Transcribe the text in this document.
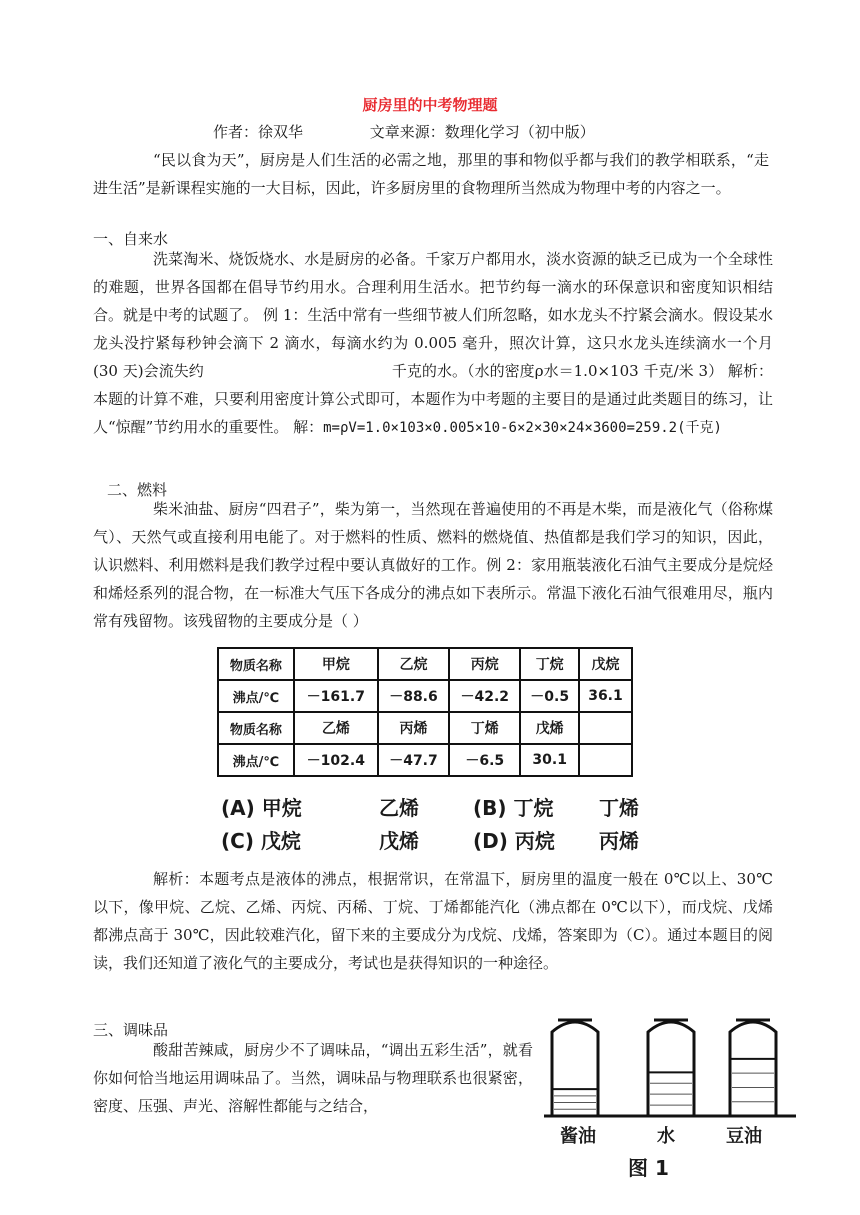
厨房里的中考物理题
作者：徐双华              文章来源：数理化学习（初中版）

“民以食为天”，厨房是人们生活的必需之地，那里的事和物似乎都与我们的教学相联系，“走进生活”是新课程实施的一大目标，因此，许多厨房里的食物理所当然成为物理中考的内容之一。

一、自来水

洗菜淘米、烧饭烧水、水是厨房的必备。千家万户都用水，淡水资源的缺乏已成为一个全球性的难题，世界各国都在倡导节约用水。合理利用生活水。把节约每一滴水的环保意识和密度知识相结合。就是中考的试题了。 例 1：生活中常有一些细节被人们所忽略，如水龙头不拧紧会滴水。假设某水龙头没拧紧每秒钟会滴下 2 滴水，每滴水约为 0.005 毫升，照次计算，这只水龙头连续滴水一个月(30 天)会流失约	千克的水。（水的密度ρ水＝1.0×103 千克/米 3） 解析：本题的计算不难，只要利用密度计算公式即可，本题作为中考题的主要目的是通过此类题目的练习，让人“惊醒”节约用水的重要性。 解：m=ρV=1.0×103×0.005×10-6×2×30×24×3600=259.2(千克)

二、燃料

柴米油盐、厨房“四君子”，柴为第一，当然现在普遍使用的不再是木柴，而是液化气（俗称煤气）、天然气或直接利用电能了。对于燃料的性质、燃料的燃烧值、热值都是我们学习的知识，因此，认识燃料、利用燃料是我们教学过程中要认真做好的工作。例 2：家用瓶装液化石油气主要成分是烷烃和烯烃系列的混合物，在一标准大气压下各成分的沸点如下表所示。常温下液化石油气很难用尽，瓶内常有残留物。该残留物的主要成分是（ ）

物质名称	甲烷	乙烷	丙烷	丁烷	戊烷
沸点/℃	－161.7	－88.6	－42.2	－0.5	36.1
物质名称	乙烯	丙烯	丁烯	戊烯	
沸点/℃	－102.4	－47.7	－6.5	30.1	
(A) 甲烷	乙烯	(B) 丁烷 丁烯
(C) 戊烷	戊烯	(D) 丙烷 丙烯

解析：本题考点是液体的沸点，根据常识，在常温下，厨房里的温度一般在 0℃以上、30℃以下，像甲烷、乙烷、乙烯、丙烷、丙稀、丁烷、丁烯都能汽化（沸点都在 0℃以下），而戊烷、戊烯都沸点高于 30℃，因此较难汽化，留下来的主要成分为戊烷、戊烯，答案即为（C）。通过本题目的阅读，我们还知道了液化气的主要成分，考试也是获得知识的一种途径。

三、调味品

酸甜苦辣咸，厨房少不了调味品，“调出五彩生活”，就看你如何恰当地运用调味品了。当然，调味品与物理联系也很紧密，密度、压强、声光、溶解性都能与之结合，

酱油	水	豆油
图 1
